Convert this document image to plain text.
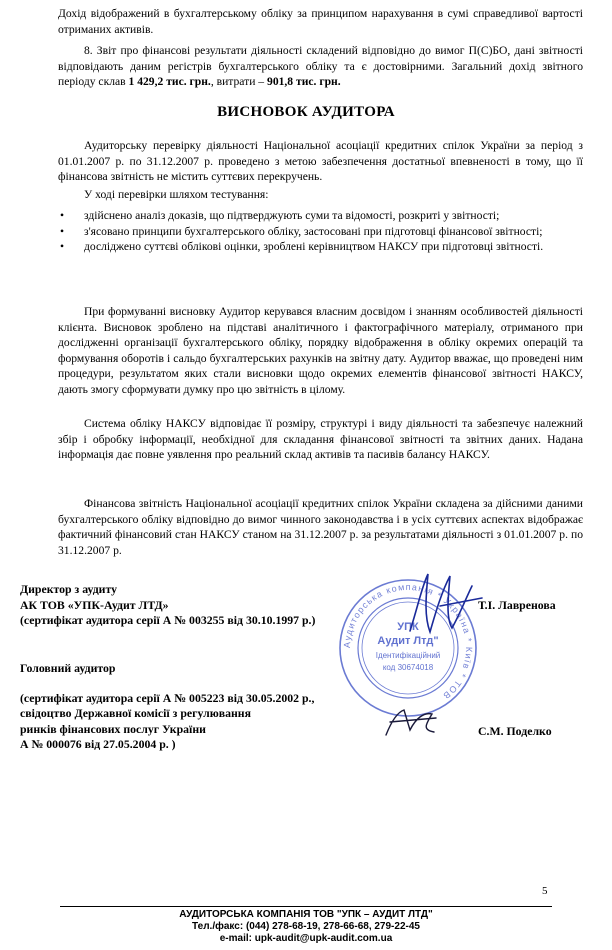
Дохід відображений в бухгалтерському обліку за принципом нарахування в сумі справедливої вартості отриманих активів.
8. Звіт про фінансові результати діяльності складений відповідно до вимог П(С)БО, дані звітності відповідають даним регістрів бухгалтерського обліку та є достовірними. Загальний дохід звітного періоду склав 1 429,2 тис. грн., витрати – 901,8 тис. грн.
ВИСНОВОК АУДИТОРА
Аудиторську перевірку діяльності Національної асоціації кредитних спілок України за період з 01.01.2007 р. по 31.12.2007 р. проведено з метою забезпечення достатньої впевненості в тому, що її фінансова звітність не містить суттєвих перекручень.
У ході перевірки шляхом тестування:
• здійснено аналіз доказів, що підтверджують суми та відомості, розкриті у звітності;
• з'ясовано принципи бухгалтерського обліку, застосовані при підготовці фінансової звітності;
• досліджено суттєві облікові оцінки, зроблені керівництвом НАКСУ при підготовці звітності.
При формуванні висновку Аудитор керувався власним досвідом і знанням особливостей діяльності клієнта. Висновок зроблено на підставі аналітичного і фактографічного матеріалу, отриманого при дослідженні організації бухгалтерського обліку, порядку відображення в обліку окремих операцій та формування оборотів і сальдо бухгалтерських рахунків на звітну дату. Аудитор вважає, що проведені ним процедури, результатом яких стали висновки щодо окремих елементів фінансової звітності НАКСУ, дають змогу сформувати думку про цю звітність в цілому.
Система обліку НАКСУ відповідає її розміру, структурі і виду діяльності та забезпечує належний збір і обробку інформації, необхідної для складання фінансової звітності та звітних даних. Надана інформація дає повне уявлення про реальний склад активів та пасивів балансу НАКСУ.
Фінансова звітність Національної асоціації кредитних спілок України складена за дійсними даними бухгалтерського обліку відповідно до вимог чинного законодавства і в усіх суттєвих аспектах відображає фактичний фінансовий стан НАКСУ станом на 31.12.2007 р. за результатами діяльності з 01.01.2007 р. по 31.12.2007 р.
Аудиторська компанія * Україна * Київ * ТОВ
УПК
Аудит Лтд"
Ідентифікаційний
код 30674018
Директор з аудиту
АК ТОВ «УПК-Аудит ЛТД»
(сертифікат аудитора серії А № 003255 від 30.10.1997 р.)
Т.І. Лавренова
Головний аудитор
(сертифікат аудитора серії А № 005223 від 30.05.2002 р.,
свідоцтво Державної комісії з регулювання
ринків фінансових послуг України
А № 000076 від 27.05.2004 р. )
С.М. Поделко
5
АУДИТОРСЬКА КОМПАНІЯ ТОВ "УПК – АУДИТ ЛТД"
Тел./факс: (044) 278-68-19, 278-66-68, 279-22-45
e-mail: upk-audit@upk-audit.com.ua
